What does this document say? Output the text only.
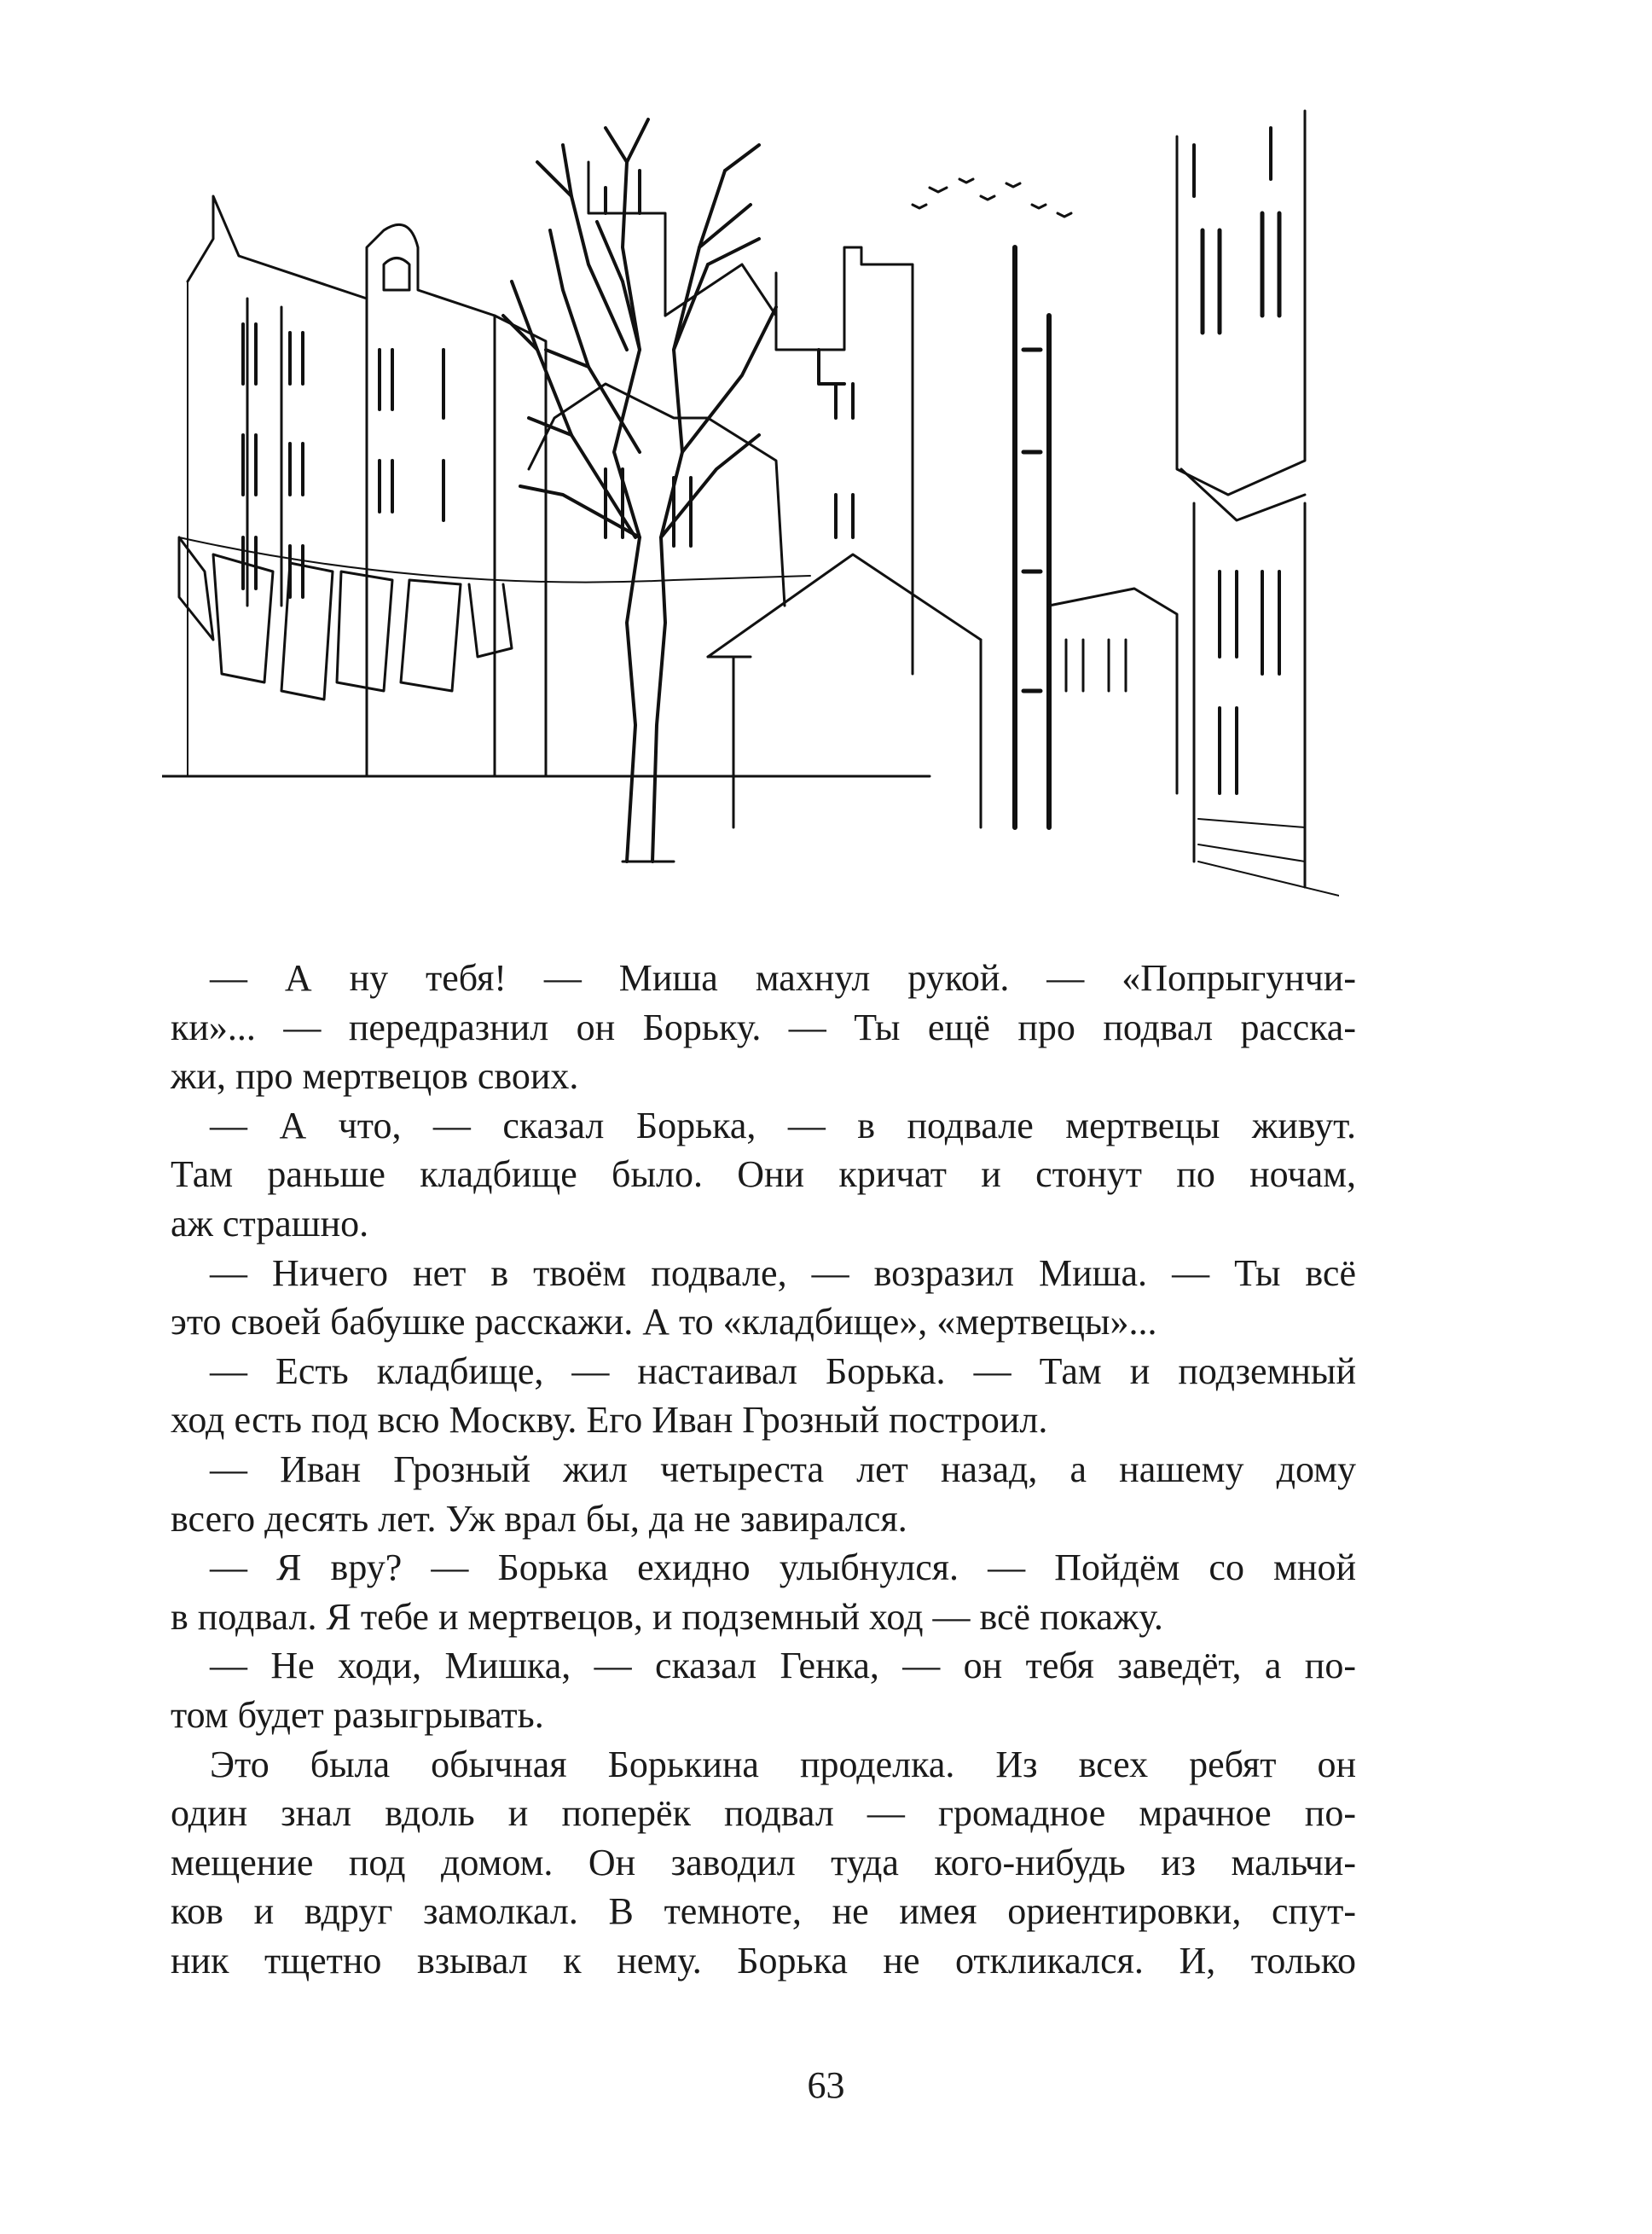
— А ну тебя! — Миша махнул рукой. — «Попрыгунчи-
ки»... — передразнил он Борьку. — Ты ещё про подвал расска-
жи, про мертвецов своих.
— А что, — сказал Борька, — в подвале мертвецы живут.
Там раньше кладбище было. Они кричат и стонут по ночам,
аж страшно.
— Ничего нет в твоём подвале, — возразил Миша. — Ты всё
это своей бабушке расскажи. А то «кладбище», «мертвецы»...
— Есть кладбище, — настаивал Борька. — Там и подземный
ход есть под всю Москву. Его Иван Грозный построил.
— Иван Грозный жил четыреста лет назад, а нашему дому
всего десять лет. Уж врал бы, да не завирался.
— Я вру? — Борька ехидно улыбнулся. — Пойдём со мной
в подвал. Я тебе и мертвецов, и подземный ход — всё покажу.
— Не ходи, Мишка, — сказал Генка, — он тебя заведёт, а по-
том будет разыгрывать.
Это была обычная Борькина проделка. Из всех ребят он
один знал вдоль и поперёк подвал — громадное мрачное по-
мещение под домом. Он заводил туда кого-нибудь из мальчи-
ков и вдруг замолкал. В темноте, не имея ориентировки, спут-
ник тщетно взывал к нему. Борька не откликался. И, только
63
